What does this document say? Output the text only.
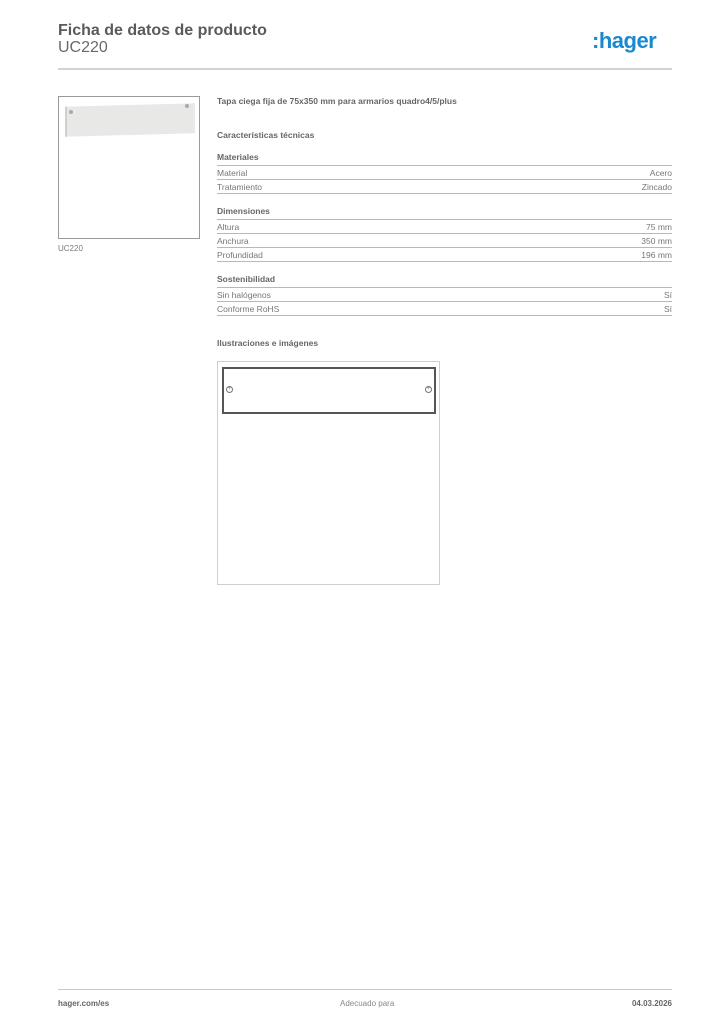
Ficha de datos de producto
UC220	:hager
UC220
Tapa ciega fija de 75x350 mm para armarios quadro4/5/plus
Características técnicas
Materiales
Material	Acero
Tratamiento	Zincado
Dimensiones
Altura	75 mm
Anchura	350 mm
Profundidad	196 mm
Sostenibilidad
Sin halógenos	Sí
Conforme RoHS	Sí
Ilustraciones e imágenes
+	+
hager.com/es	Adecuado para	04.03.2026
